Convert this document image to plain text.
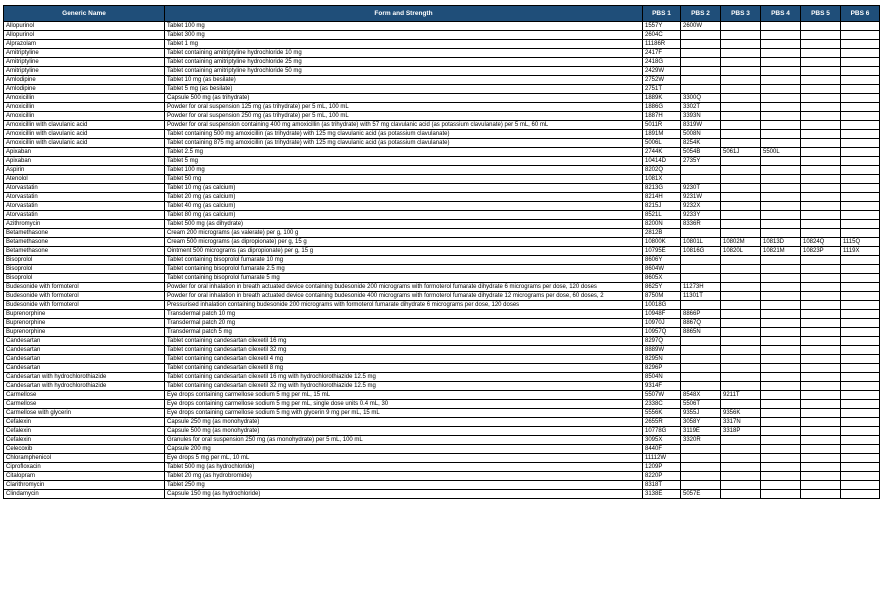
Generic Name	Form and Strength	PBS 1	PBS 2	PBS 3	PBS 4	PBS 5	PBS 6
Allopurinol	Tablet 100 mg	1557Y	2600W				
Allopurinol	Tablet 300 mg	2604C					
Alprazolam	Tablet 1 mg	11186R					
Amitriptyline	Tablet containing amitriptyline hydrochloride 10 mg	2417F					
Amitriptyline	Tablet containing amitriptyline hydrochloride 25 mg	2418G					
Amitriptyline	Tablet containing amitriptyline hydrochloride 50 mg	2429W					
Amlodipine	Tablet 10 mg (as besilate)	2752W					
Amlodipine	Tablet 5 mg (as besilate)	2751T					
Amoxicillin	Capsule 500 mg (as trihydrate)	1889K	3300Q				
Amoxicillin	Powder for oral suspension 125 mg (as trihydrate) per 5 mL, 100 mL	1886G	3302T				
Amoxicillin	Powder for oral suspension 250 mg (as trihydrate) per 5 mL, 100 mL	1887H	3393N				
Amoxicillin with clavulanic acid	Powder for oral suspension containing 400 mg amoxicillin (as trihydrate) with 57 mg clavulanic acid (as potassium clavulanate) per 5 mL, 60 mL	5011R	8319W				
Amoxicillin with clavulanic acid	Tablet containing 500 mg amoxicillin (as trihydrate) with 125 mg clavulanic acid (as potassium clavulanate)	1891M	5008N				
Amoxicillin with clavulanic acid	Tablet containing 875 mg amoxicillin (as trihydrate) with 125 mg clavulanic acid (as potassium clavulanate)	5006L	8254K				
Apixaban	Tablet 2.5 mg	2744K	5054B	5061J	5500L		
Apixaban	Tablet 5 mg	10414D	2735Y				
Aspirin	Tablet 100 mg	8202Q					
Atenolol	Tablet 50 mg	1081X					
Atorvastatin	Tablet 10 mg (as calcium)	8213G	9230T				
Atorvastatin	Tablet 20 mg (as calcium)	8214H	9231W				
Atorvastatin	Tablet 40 mg (as calcium)	8215J	9232X				
Atorvastatin	Tablet 80 mg (as calcium)	8521L	9233Y				
Azithromycin	Tablet 500 mg (as dihydrate)	8200N	8336R				
Betamethasone	Cream 200 micrograms (as valerate) per g, 100 g	2812B					
Betamethasone	Cream 500 micrograms (as dipropionate) per g, 15 g	10800K	10801L	10802M	10813D	10824Q	1115Q
Betamethasone	Ointment 500 micrograms (as dipropionate) per g, 15 g	10795E	10816G	10820L	10821M	10823P	1119X
Bisoprolol	Tablet containing bisoprolol fumarate 10 mg	8606Y					
Bisoprolol	Tablet containing bisoprolol fumarate 2.5 mg	8604W					
Bisoprolol	Tablet containing bisoprolol fumarate 5 mg	8605X					
Budesonide with formoterol	Powder for oral inhalation in breath actuated device containing budesonide 200 micrograms with formoterol fumarate dihydrate 6 micrograms per dose, 120 doses	8625Y	11273H				
Budesonide with formoterol	Powder for oral inhalation in breath actuated device containing budesonide 400 micrograms with formoterol fumarate dihydrate 12 micrograms per dose, 60 doses, 2	8750M	11301T				
Budesonide with formoterol	Pressurised inhalation containing budesonide 200 micrograms with formoterol fumarate dihydrate 6 micrograms per dose, 120 doses	10018G					
Buprenorphine	Transdermal patch 10 mg	10948F	8866P				
Buprenorphine	Transdermal patch 20 mg	10970J	8867Q				
Buprenorphine	Transdermal patch 5 mg	10957Q	8865N				
Candesartan	Tablet containing candesartan cilexetil 16 mg	8297Q					
Candesartan	Tablet containing candesartan cilexetil 32 mg	8889W					
Candesartan	Tablet containing candesartan cilexetil 4 mg	8295N					
Candesartan	Tablet containing candesartan cilexetil 8 mg	8296P					
Candesartan with hydrochlorothiazide	Tablet containing candesartan cilexetil 16 mg with hydrochlorothiazide 12.5 mg	8504N					
Candesartan with hydrochlorothiazide	Tablet containing candesartan cilexetil 32 mg with hydrochlorothiazide 12.5 mg	9314F					
Carmellose	Eye drops containing carmellose sodium 5 mg per mL, 15 mL	5507W	8548X	9211T			
Carmellose	Eye drops containing carmellose sodium 5 mg per mL, single dose units 0.4 mL, 30	2338C	5506T				
Carmellose with glycerin	Eye drops containing carmellose sodium 5 mg with glycerin 9 mg per mL, 15 mL	5556K	9355J	9356K			
Cefalexin	Capsule 250 mg (as monohydrate)	2655R	3058Y	3317N			
Cefalexin	Capsule 500 mg (as monohydrate)	10778G	3119E	3318P			
Cefalexin	Granules for oral suspension 250 mg (as monohydrate) per 5 mL, 100 mL	3095X	3320R				
Celecoxib	Capsule 200 mg	8440F					
Chloramphenicol	Eye drops 5 mg per mL, 10 mL	11112W					
Ciprofloxacin	Tablet 500 mg (as hydrochloride)	1209P					
Citalopram	Tablet 20 mg (as hydrobromide)	8220P					
Clarithromycin	Tablet 250 mg	8318T					
Clindamycin	Capsule 150 mg (as hydrochloride)	3138E	5057E				
